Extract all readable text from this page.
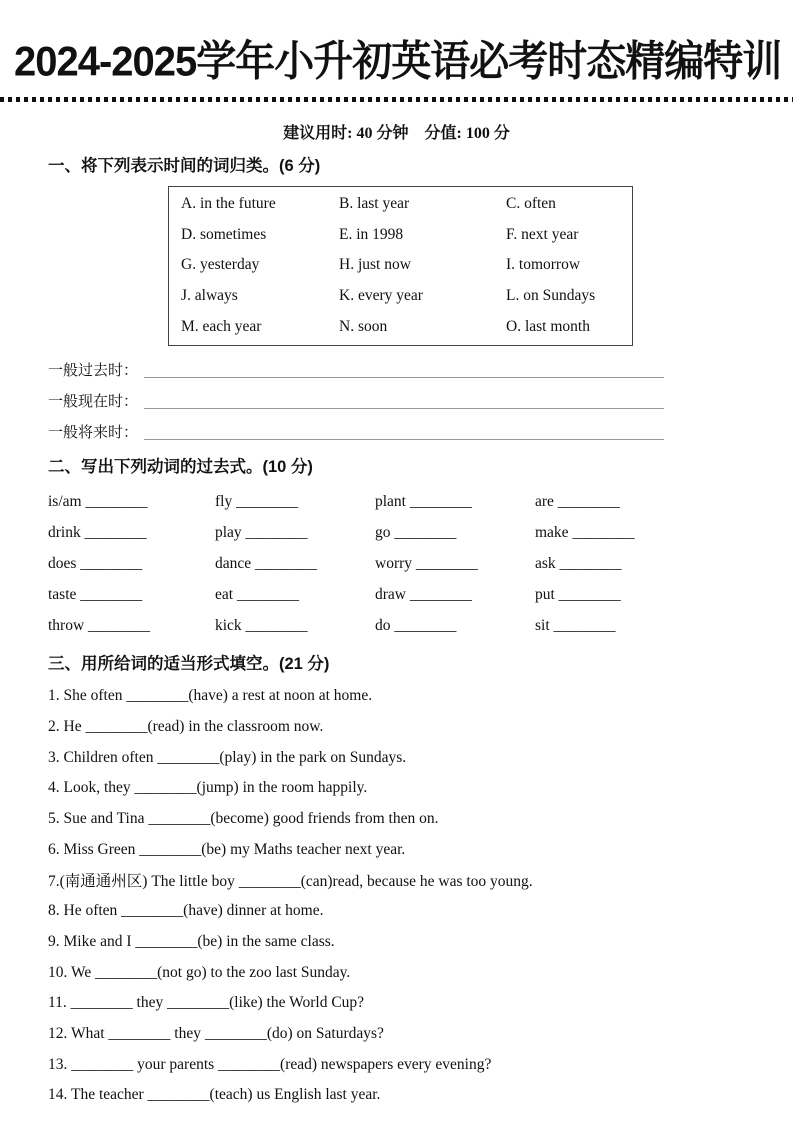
2024-2025学年小升初英语必考时态精编特训
建议用时: 40 分钟　分值: 100 分
一、将下列表示时间的词归类。(6 分)
A. in the future	B. last year	C. often
D. sometimes	E. in 1998	F. next year
G. yesterday	H. just now	I. tomorrow
J. always	K. every year	L. on Sundays
M. each year	N. soon	O. last month
一般过去时：
一般现在时：
一般将来时：
二、写出下列动词的过去式。(10 分)
is/am ________	fly ________	plant ________	are ________
drink ________	play ________	go ________	make ________
does ________	dance ________	worry ________	ask ________
taste ________	eat ________	draw ________	put ________
throw ________	kick ________	do ________	sit ________
三、用所给词的适当形式填空。(21 分)
1. She often ________(have) a rest at noon at home.
2. He ________(read) in the classroom now.
3. Children often ________(play) in the park on Sundays.
4. Look, they ________(jump) in the room happily.
5. Sue and Tina ________(become) good friends from then on.
6. Miss Green ________(be) my Maths teacher next year.
7.(南通通州区) The little boy ________(can)read, because he was too young.
8. He often ________(have) dinner at home.
9. Mike and I ________(be) in the same class.
10. We ________(not go) to the zoo last Sunday.
11. ________ they ________(like) the World Cup?
12. What ________ they ________(do) on Saturdays?
13. ________ your parents ________(read) newspapers every evening?
14. The teacher ________(teach) us English last year.
